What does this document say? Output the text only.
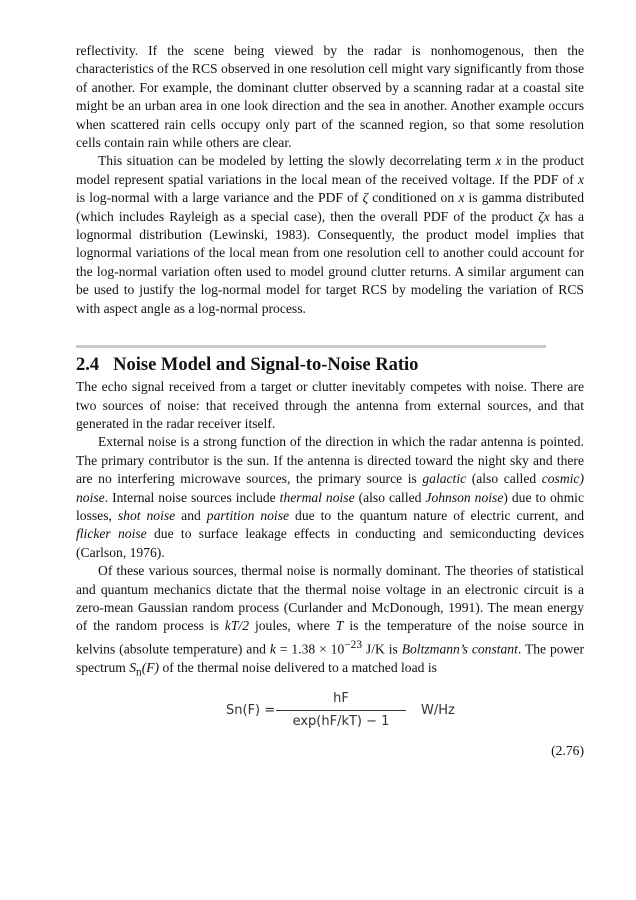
reflectivity. If the scene being viewed by the radar is nonhomogenous, then the characteristics of the RCS observed in one resolution cell might vary significantly from those of another. For example, the dominant clutter observed by a scanning radar at a coastal site might be an urban area in one look direction and the sea in another. Another example occurs when scattered rain cells occupy only part of the scanned region, so that some resolution cells contain rain while others are clear.

This situation can be modeled by letting the slowly decorrelating term x in the product model represent spatial variations in the local mean of the received voltage. If the PDF of x is log-normal with a large variance and the PDF of ζ conditioned on x is gamma distributed (which includes Rayleigh as a special case), then the overall PDF of the product ζx has a lognormal distribution (Lewinski, 1983). Consequently, the product model implies that lognormal variations of the local mean from one resolution cell to another could account for the log-normal variation often used to model ground clutter returns. A similar argument can be used to justify the log-normal model for target RCS by modeling the variation of RCS with aspect angle as a log-normal process.

2.4 Noise Model and Signal-to-Noise Ratio

The echo signal received from a target or clutter inevitably competes with noise. There are two sources of noise: that received through the antenna from external sources, and that generated in the radar receiver itself.

External noise is a strong function of the direction in which the radar antenna is pointed. The primary contributor is the sun. If the antenna is directed toward the night sky and there are no interfering microwave sources, the primary source is galactic (also called cosmic) noise. Internal noise sources include thermal noise (also called Johnson noise) due to ohmic losses, shot noise and partition noise due to the quantum nature of electric current, and flicker noise due to surface leakage effects in conducting and semiconducting devices (Carlson, 1976).

Of these various sources, thermal noise is normally dominant. The theories of statistical and quantum mechanics dictate that the thermal noise voltage in an electronic circuit is a zero-mean Gaussian random process (Curlander and McDonough, 1991). The mean energy of the random process is kT/2 joules, where T is the temperature of the noise source in kelvins (absolute temperature) and $k = 1.38 \times 10^{-23}$ J/K is Boltzmann’s constant. The power spectrum $S_n(F)$ of the thermal noise delivered to a matched load is

$Sn(F) = \frac{hF}{\exp(hF/kT) - 1} W/Hz$
(2.76)
